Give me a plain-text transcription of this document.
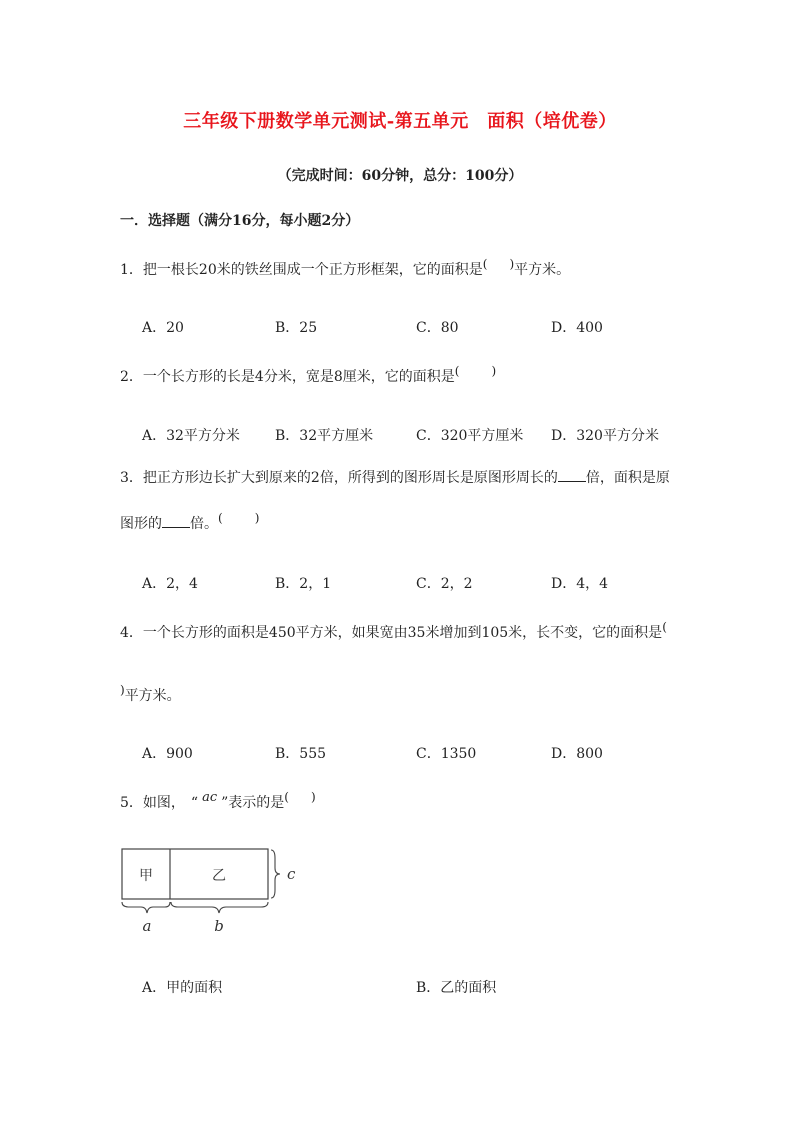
三年级下册数学单元测试-第五单元　面积（培优卷）
（完成时间：60分钟，总分：100分）
一．选择题（满分16分，每小题2分）
1．把一根长20米的铁丝围成一个正方形框架，它的面积是( )平方米。
A．20	B．25	C．80	D．400
2．一个长方形的长是4分米，宽是8厘米，它的面积是(	)
A．32平方分米	B．32平方厘米	C．320平方厘米 D．320平方分米
3．把正方形边长扩大到原来的2倍，所得到的图形周长是原图形周长的 倍，面积是原
图形的 倍。(	)
A．2，4	B．2，1	C．2，2	D．4，4
4．一个长方形的面积是450平方米，如果宽由35米增加到105米，长不变，它的面积是(
)平方米。
A．900	B．555	C．1350	D．800
5．如图， “ ac ”表示的是( )
甲	乙	c
a	b
A．甲的面积	B．乙的面积
